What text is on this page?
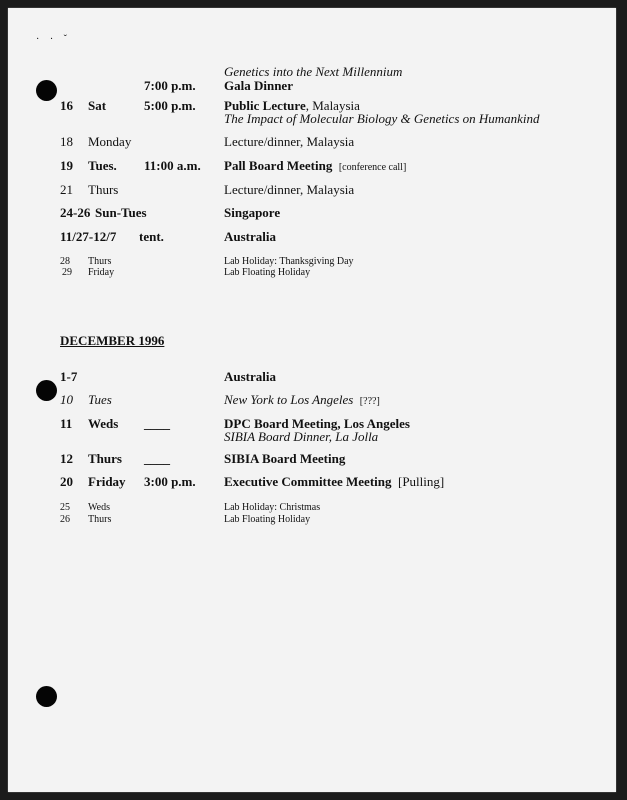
· · ˇ
Genetics into the Next Millennium
7:00 p.m. Gala Dinner
16 Sat	5:00 p.m. Public Lecture, Malaysia
The Impact of Molecular Biology & Genetics on Humankind
18 Monday	Lecture/dinner, Malaysia
19 Tues. 11:00 a.m. Pall Board Meeting [conference call]
21 Thurs	Lecture/dinner, Malaysia
24-26 Sun-Tues	Singapore
11/27-12/7 tent.	Australia
28 Thurs	Lab Holiday: Thanksgiving Day
29 Friday	Lab Floating Holiday
DECEMBER 1996
1-7	Australia
10 Tues	New York to Los Angeles [???]
11 Weds ____	DPC Board Meeting, Los Angeles
SIBIA Board Dinner, La Jolla
12 Thurs ____	SIBIA Board Meeting
20 Friday 3:00 p.m. Executive Committee Meeting [Pulling]
25 Weds	Lab Holiday: Christmas
26 Thurs	Lab Floating Holiday
